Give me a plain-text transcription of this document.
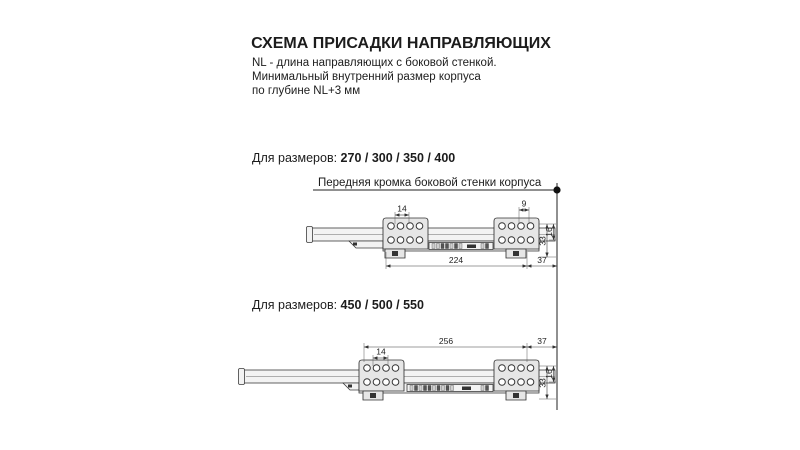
СХЕМА ПРИСАДКИ НАПРАВЛЯЮЩИХ
NL - длина направляющих с боковой стенкой.
Минимальный внутренний размер корпуса
по глубине NL+3 мм
Передняя кромка боковой стенки корпуса
Для размеров: 270 / 300 / 350 / 400
14	9
33
16
224	37
Для размеров: 450 / 500 / 550
256	37
14
33
16
